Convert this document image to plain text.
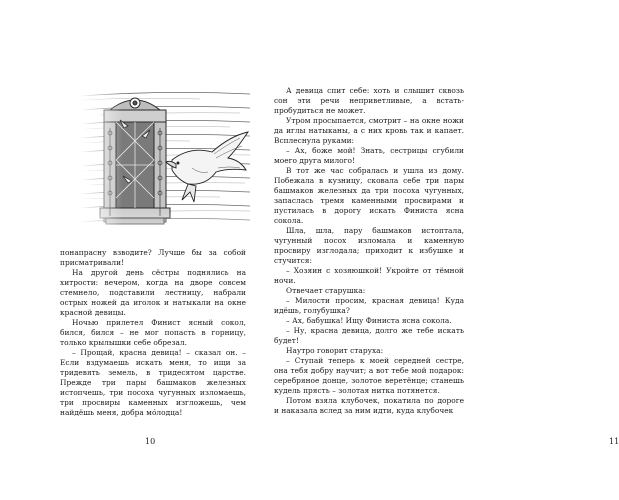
понапрасну взводите? Лучше бы за собой присматривали!

На другой день сёстры поднялись на хитрости: вечером, когда на дворе совсем стемнело, подставили лестницу, набрали острых ножей да иголок и натыкали на окне красной девицы.

Ночью прилетел Финист ясный сокол, бился, бился – не мог попасть в горницу, только крылышки себе обрезал.

– Прощай, красна девица! – сказал он. – Если вздумаешь искать меня, то ищи за тридевять земель, в тридесятом царстве. Прежде три пары башмаков железных истопчешь, три посоха чугунных изломаешь, три просвиры каменных изгложешь, чем найдёшь меня, добра мóлодца!

10

А девица спит себе: хоть и слышит сквозь сон эти речи неприветливые, а встать-пробудиться не может.

Утром просыпается, смотрит – на окне ножи да иглы натыканы, а с них кровь так и капает. Всплеснула руками:

– Ах, боже мой! Знать, сестрицы сгубили моего друга милого!

В тот же час собралась и ушла из дому. Побежала в кузницу, сковала себе три пары башмаков железных да три посоха чугунных, запаслась тремя каменными просвирами и пустилась в дорогу искать Финиста ясна сокола.

Шла, шла, пару башмаков истоптала, чугунный посох изломала и каменную просвиру изглодала; приходит к избушке и стучится:

– Хозяин с хозяюшкой! Укройте от тёмной ночи.

Отвечает старушка:

– Милости просим, красная девица! Куда идёшь, голубушка?

– Ах, бабушка! Ищу Финиста ясна сокола.

– Ну, красна девица, долго же тебе искать будет!

Наутро говорит старуха:

– Ступай теперь к моей середней сестре, она тебя добру научит; а вот тебе мой подарок: серебряное донце, золотое веретёнце; станешь кудель прясть – золотая нитка потянется.

Потом взяла клубочек, покатила по дороге и наказала вслед за ним идти, куда клубочек

11
